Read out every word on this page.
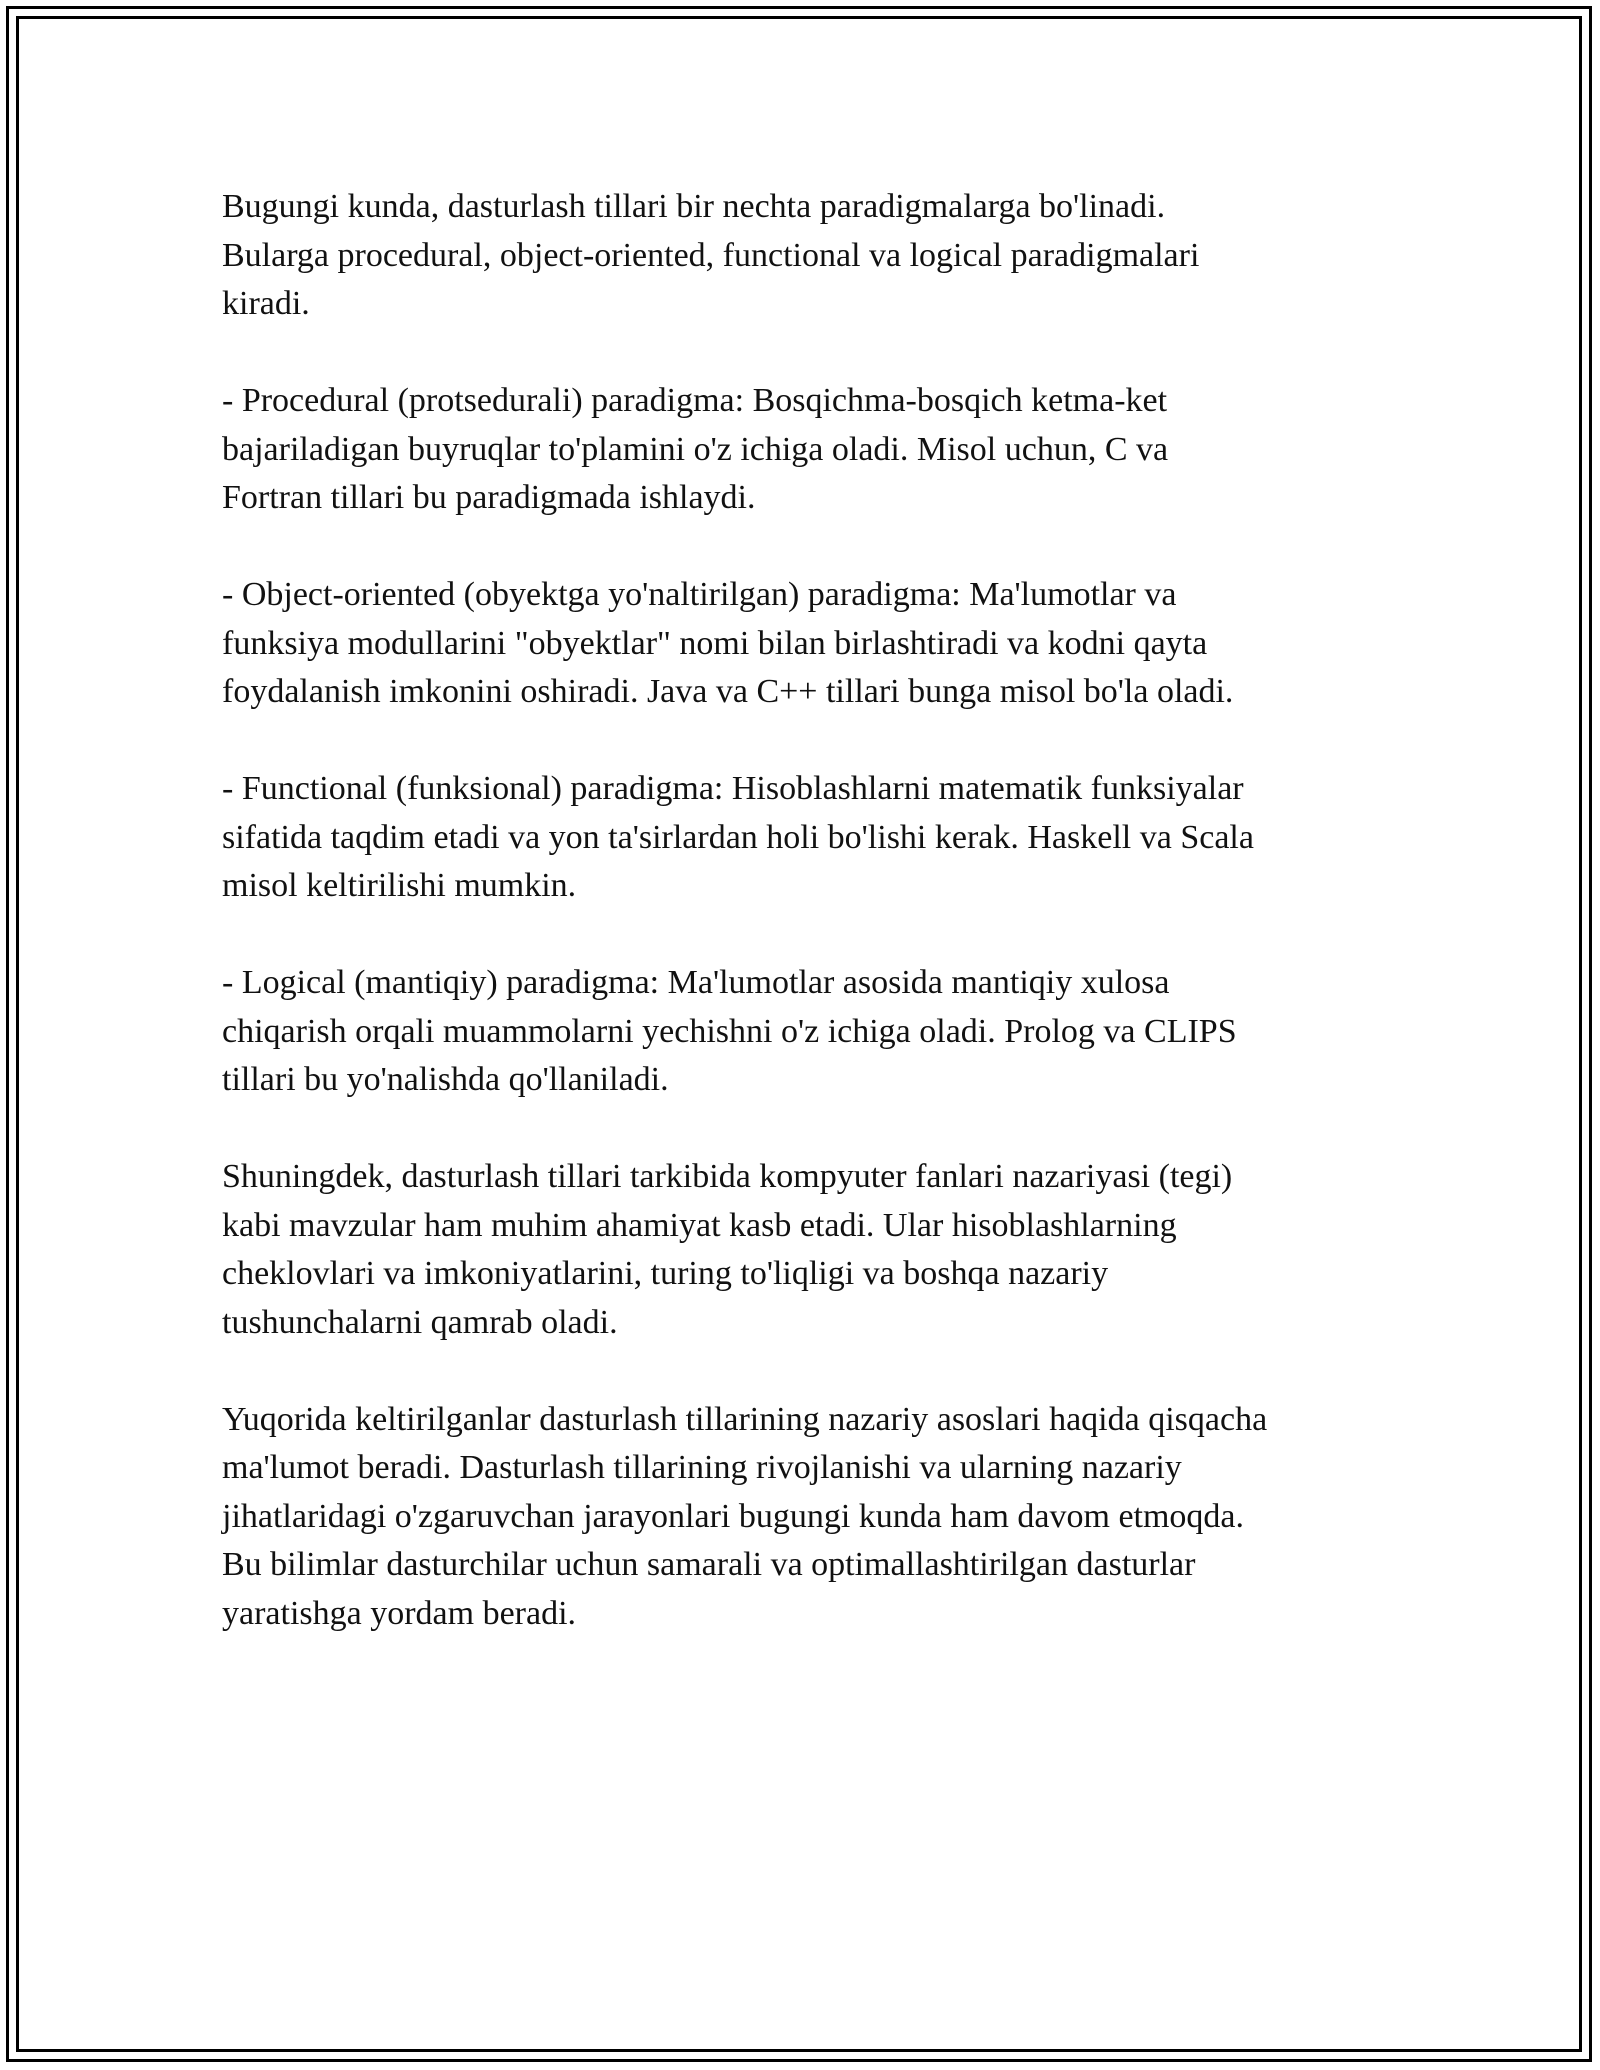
Bugungi kunda, dasturlash tillari bir nechta paradigmalarga bo'linadi.
Bularga procedural, object-oriented, functional va logical paradigmalari
kiradi.

- Procedural (protsedurali) paradigma: Bosqichma-bosqich ketma-ket
bajariladigan buyruqlar to'plamini o'z ichiga oladi. Misol uchun, C va
Fortran tillari bu paradigmada ishlaydi.

- Object-oriented (obyektga yo'naltirilgan) paradigma: Ma'lumotlar va
funksiya modullarini "obyektlar" nomi bilan birlashtiradi va kodni qayta
foydalanish imkonini oshiradi. Java va C++ tillari bunga misol bo'la oladi.

- Functional (funksional) paradigma: Hisoblashlarni matematik funksiyalar
sifatida taqdim etadi va yon ta'sirlardan holi bo'lishi kerak. Haskell va Scala
misol keltirilishi mumkin.

- Logical (mantiqiy) paradigma: Ma'lumotlar asosida mantiqiy xulosa
chiqarish orqali muammolarni yechishni o'z ichiga oladi. Prolog va CLIPS
tillari bu yo'nalishda qo'llaniladi.

Shuningdek, dasturlash tillari tarkibida kompyuter fanlari nazariyasi (tegi)
kabi mavzular ham muhim ahamiyat kasb etadi. Ular hisoblashlarning
cheklovlari va imkoniyatlarini, turing to'liqligi va boshqa nazariy
tushunchalarni qamrab oladi.

Yuqorida keltirilganlar dasturlash tillarining nazariy asoslari haqida qisqacha
ma'lumot beradi. Dasturlash tillarining rivojlanishi va ularning nazariy
jihatlaridagi o'zgaruvchan jarayonlari bugungi kunda ham davom etmoqda.
Bu bilimlar dasturchilar uchun samarali va optimallashtirilgan dasturlar
yaratishga yordam beradi.
